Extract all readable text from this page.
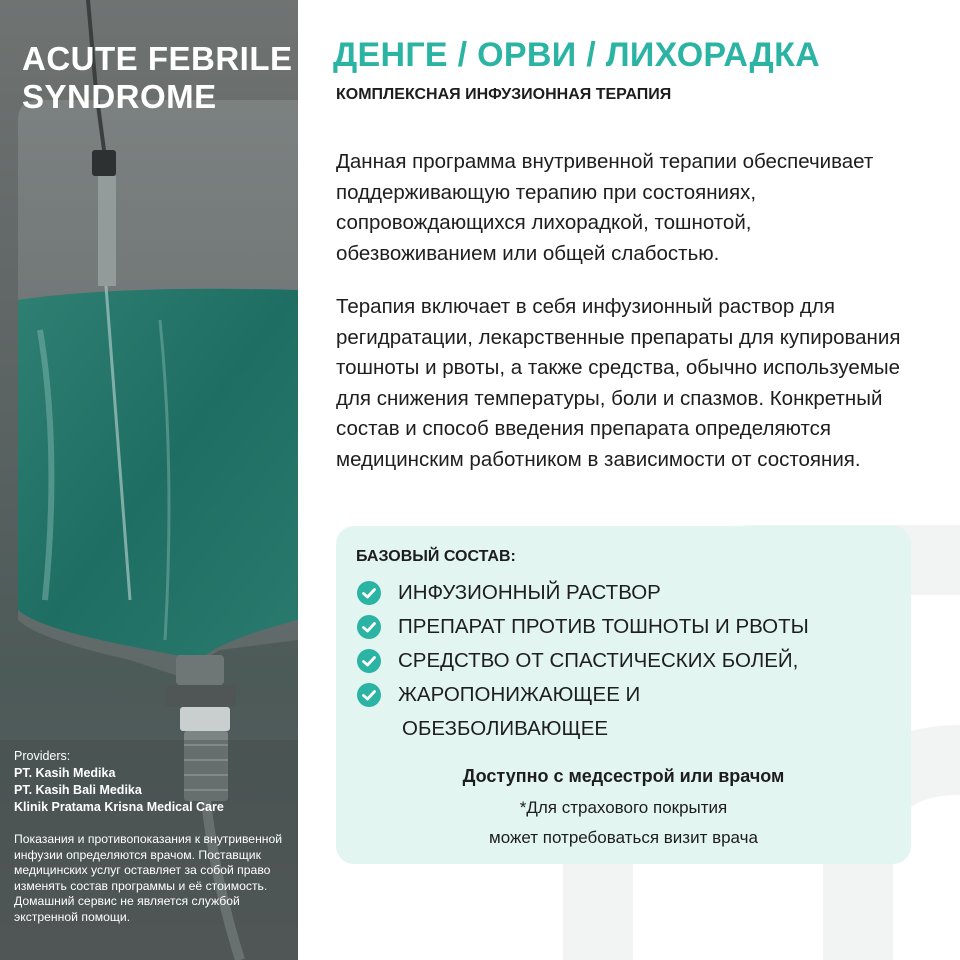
ACUTE FEBRILE
SYNDROME
Providers:
PT. Kasih Medika
PT. Kasih Bali Medika
Klinik Pratama Krisna Medical Care
Показания и противопоказания к внутривенной инфузии определяются врачом. Поставщик медицинских услуг оставляет за собой право изменять состав программы и её стоимость. Домашний сервис не является службой экстренной помощи.
ДЕНГЕ / ОРВИ / ЛИХОРАДКА
КОМПЛЕКСНАЯ ИНФУЗИОННАЯ ТЕРАПИЯ
Данная программа внутривенной терапии обеспечивает поддерживающую терапию при состояниях, сопровождающихся лихорадкой, тошнотой, обезвоживанием или общей слабостью.
Терапия включает в себя инфузионный раствор для регидратации, лекарственные препараты для купирования тошноты и рвоты, а также средства, обычно используемые для снижения температуры, боли и спазмов. Конкретный состав и способ введения препарата определяются медицинским работником в зависимости от состояния.
БАЗОВЫЙ СОСТАВ:
ИНФУЗИОННЫЙ РАСТВОР
ПРЕПАРАТ ПРОТИВ ТОШНОТЫ И РВОТЫ
СРЕДСТВО ОТ СПАСТИЧЕСКИХ БОЛЕЙ,
ЖАРОПОНИЖАЮЩЕЕ И
ОБЕЗБОЛИВАЮЩЕЕ
Доступно с медсестрой или врачом
*Для страхового покрытия
может потребоваться визит врача
